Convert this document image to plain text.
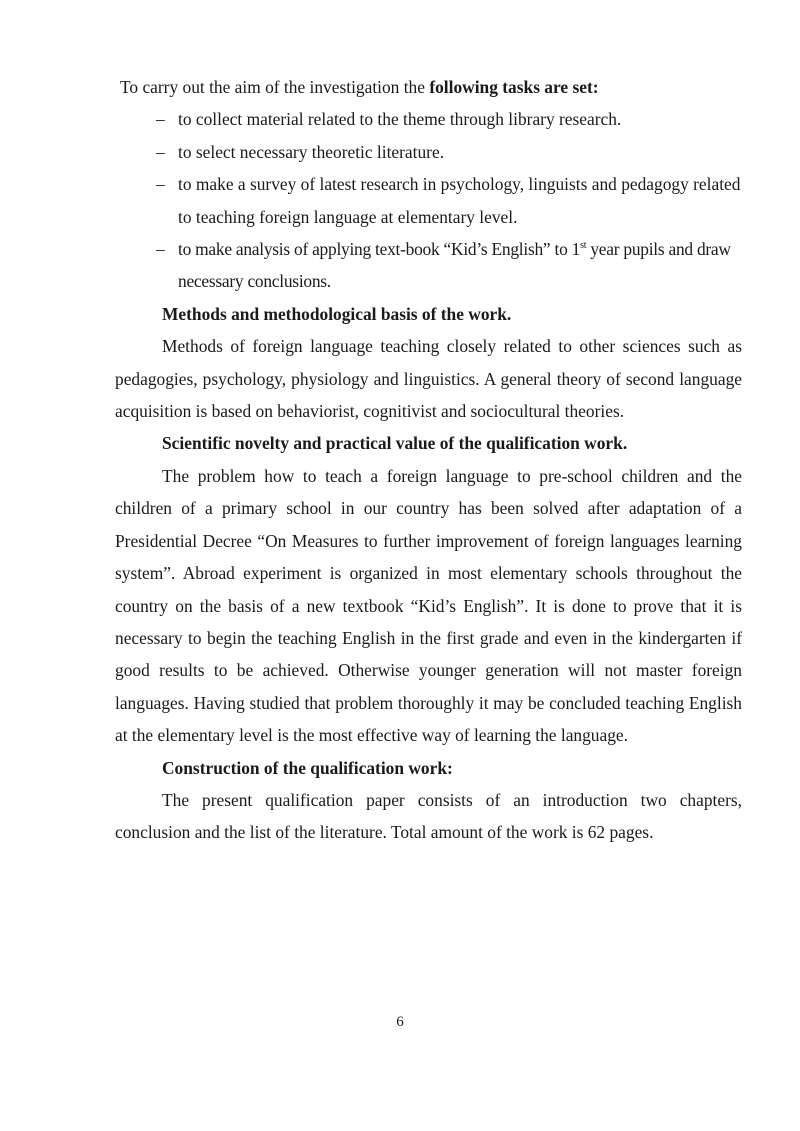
To carry out the aim of the investigation the following tasks are set:

– to collect material related to the theme through library research.
– to select necessary theoretic literature.
– to make a survey of latest research in psychology, linguists and pedagogy related to teaching foreign language at elementary level.
– to make analysis of applying text-book “Kid’s English” to 1st year pupils and draw necessary conclusions.

Methods and methodological basis of the work.

Methods of foreign language teaching closely related to other sciences such as pedagogies, psychology, physiology and linguistics. A general theory of second language acquisition is based on behaviorist, cognitivist and sociocultural theories.

Scientific novelty and practical value of the qualification work.

The problem how to teach a foreign language to pre-school children and the children of a primary school in our country has been solved after adaptation of a Presidential Decree “On Measures to further improvement of foreign languages learning system”. Abroad experiment is organized in most elementary schools throughout the country on the basis of a new textbook “Kid’s English”. It is done to prove that it is necessary to begin the teaching English in the first grade and even in the kindergarten if good results to be achieved. Otherwise younger generation will not master foreign languages. Having studied that problem thoroughly it may be concluded teaching English at the elementary level is the most effective way of learning the language.

Construction of the qualification work:

The present qualification paper consists of an introduction two chapters, conclusion and the list of the literature. Total amount of the work is 62 pages.

6
